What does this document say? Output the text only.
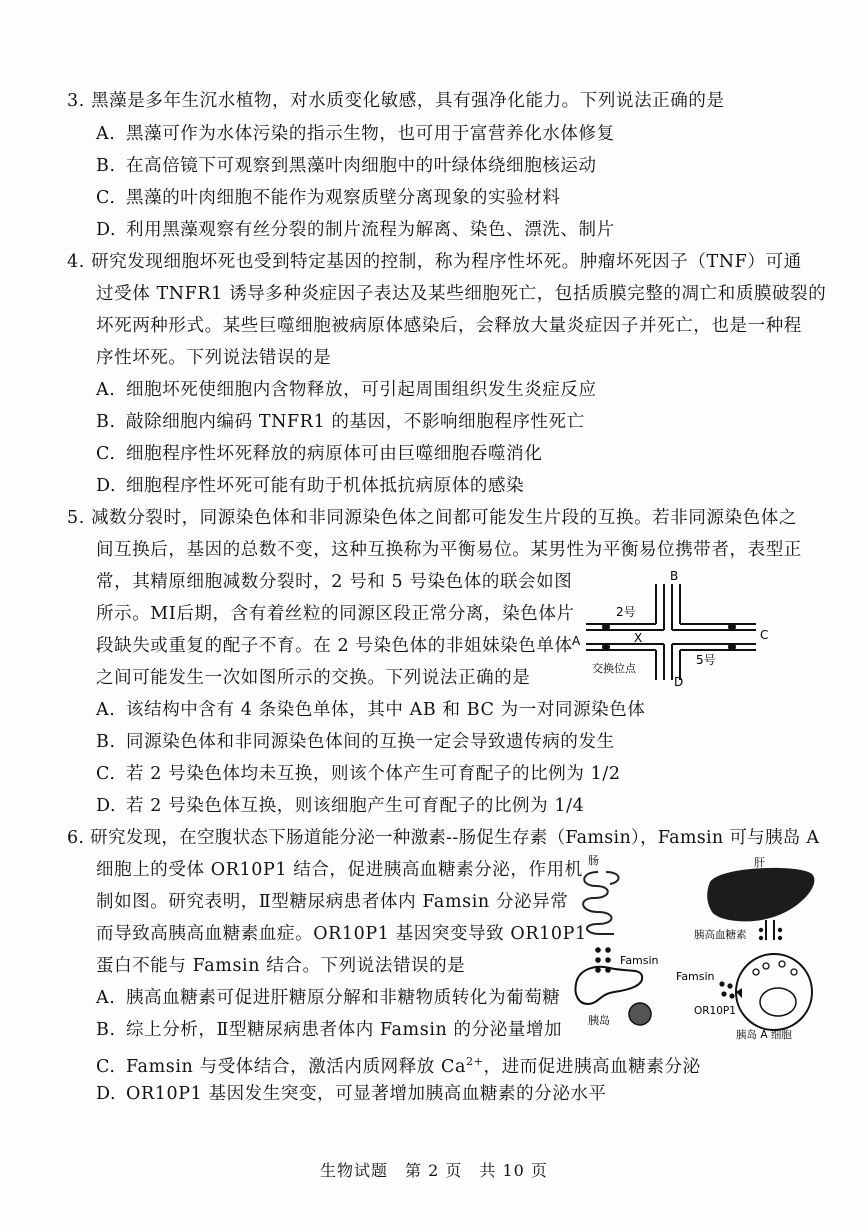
3. 黑藻是多年生沉水植物，对水质变化敏感，具有强净化能力。下列说法正确的是
A. 黑藻可作为水体污染的指示生物，也可用于富营养化水体修复
B. 在高倍镜下可观察到黑藻叶肉细胞中的叶绿体绕细胞核运动
C. 黑藻的叶肉细胞不能作为观察质壁分离现象的实验材料
D. 利用黑藻观察有丝分裂的制片流程为解离、染色、漂洗、制片
4. 研究发现细胞坏死也受到特定基因的控制，称为程序性坏死。肿瘤坏死因子（TNF）可通
过受体 TNFR1 诱导多种炎症因子表达及某些细胞死亡，包括质膜完整的凋亡和质膜破裂的
坏死两种形式。某些巨噬细胞被病原体感染后，会释放大量炎症因子并死亡，也是一种程
序性坏死。下列说法错误的是
A. 细胞坏死使细胞内含物释放，可引起周围组织发生炎症反应
B. 敲除细胞内编码 TNFR1 的基因，不影响细胞程序性死亡
C. 细胞程序性坏死释放的病原体可由巨噬细胞吞噬消化
D. 细胞程序性坏死可能有助于机体抵抗病原体的感染
5. 减数分裂时，同源染色体和非同源染色体之间都可能发生片段的互换。若非同源染色体之
间互换后，基因的总数不变，这种互换称为平衡易位。某男性为平衡易位携带者，表型正
常，其精原细胞减数分裂时，2 号和 5 号染色体的联会如图
所示。MI后期，含有着丝粒的同源区段正常分离，染色体片
段缺失或重复的配子不育。在 2 号染色体的非姐妹染色单体
之间可能发生一次如图所示的交换。下列说法正确的是
B
D
A	C
2号
5号
交换位点
X
A. 该结构中含有 4 条染色单体，其中 AB 和 BC 为一对同源染色体
B. 同源染色体和非同源染色体间的互换一定会导致遗传病的发生
C. 若 2 号染色体均未互换，则该个体产生可育配子的比例为 1/2
D. 若 2 号染色体互换，则该细胞产生可育配子的比例为 1/4
6. 研究发现，在空腹状态下肠道能分泌一种激素--肠促生存素（Famsin），Famsin 可与胰岛 A
细胞上的受体 OR10P1 结合，促进胰高血糖素分泌，作用机
制如图。研究表明，Ⅱ型糖尿病患者体内 Famsin 分泌异常
而导致高胰高血糖素血症。OR10P1 基因突变导致 OR10P1
蛋白不能与 Famsin 结合。下列说法错误的是
肠
Famsin
肝
胰高血糖素
胰岛
Famsin
OR10P1
胰岛 A 细胞
A. 胰高血糖素可促进肝糖原分解和非糖物质转化为葡萄糖
B. 综上分析，Ⅱ型糖尿病患者体内 Famsin 的分泌量增加
C. Famsin 与受体结合，激活内质网释放 $Ca^{2+}$，进而促进胰高血糖素分泌
D. OR10P1 基因发生突变，可显著增加胰高血糖素的分泌水平
生物试题　第 2 页　共 10 页
